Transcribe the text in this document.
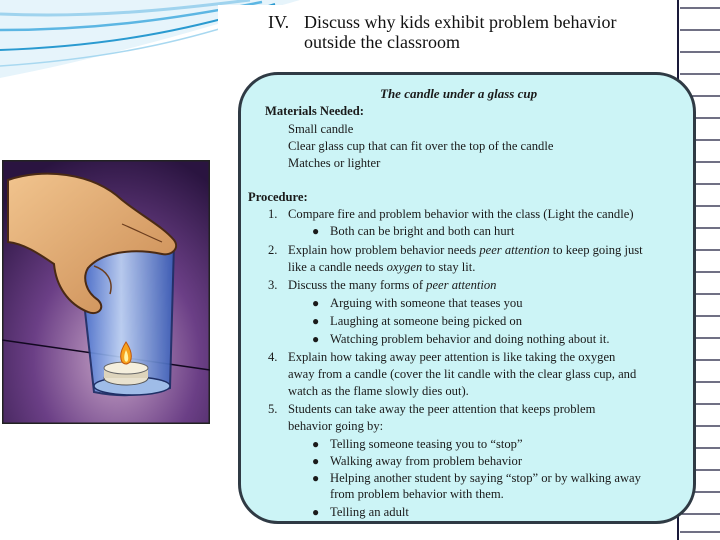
IV. Discuss why kids exhibit problem behavior
outside the classroom
The candle under a glass cup
Materials Needed:
Small candle
Clear glass cup that can fit over the top of the candle
Matches or lighter
Procedure:
1. Compare fire and problem behavior with the class (Light the candle)
● Both can be bright and both can hurt
2. Explain how problem behavior needs peer attention to keep going just
like a candle needs oxygen to stay lit.
3. Discuss the many forms of peer attention
● Arguing with someone that teases you
● Laughing at someone being picked on
● Watching problem behavior and doing nothing about it.
4. Explain how taking away peer attention is like taking the oxygen
away from a candle (cover the lit candle with the clear glass cup, and
watch as the flame slowly dies out).
5. Students can take away the peer attention that keeps problem
behavior going by:
● Telling someone teasing you to “stop”
● Walking away from problem behavior
● Helping another student by saying “stop” or by walking away
from problem behavior with them.
● Telling an adult
